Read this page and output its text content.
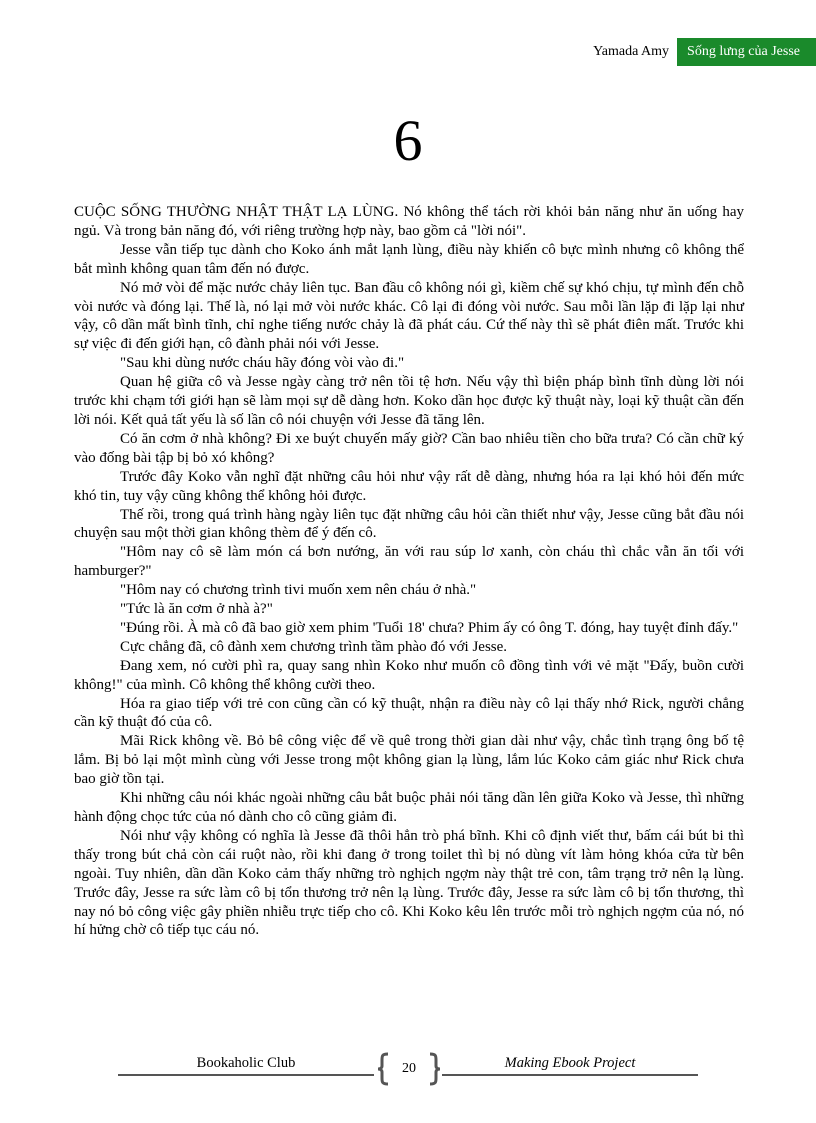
Yamada Amy	Sống lưng của Jesse
6

CUỘC SỐNG THƯỜNG NHẬT THẬT LẠ LÙNG. Nó không thể tách rời khỏi bản năng như ăn uống hay ngủ. Và trong bản năng đó, với riêng trường hợp này, bao gồm cả "lời nói".

Jesse vẫn tiếp tục dành cho Koko ánh mắt lạnh lùng, điều này khiến cô bực mình nhưng cô không thể bắt mình không quan tâm đến nó được.

Nó mở vòi để mặc nước chảy liên tục. Ban đầu cô không nói gì, kiềm chế sự khó chịu, tự mình đến chỗ vòi nước và đóng lại. Thế là, nó lại mở vòi nước khác. Cô lại đi đóng vòi nước. Sau mỗi lần lặp đi lặp lại như vậy, cô dần mất bình tĩnh, chỉ nghe tiếng nước chảy là đã phát cáu. Cứ thế này thì sẽ phát điên mất. Trước khi sự việc đi đến giới hạn, cô đành phải nói với Jesse.

"Sau khi dùng nước cháu hãy đóng vòi vào đi."

Quan hệ giữa cô và Jesse ngày càng trở nên tồi tệ hơn. Nếu vậy thì biện pháp bình tĩnh dùng lời nói trước khi chạm tới giới hạn sẽ làm mọi sự dễ dàng hơn. Koko dần học được kỹ thuật này, loại kỹ thuật cần đến lời nói. Kết quả tất yếu là số lần cô nói chuyện với Jesse đã tăng lên.

Có ăn cơm ở nhà không? Đi xe buýt chuyến mấy giờ? Cần bao nhiêu tiền cho bữa trưa? Có cần chữ ký vào đống bài tập bị bỏ xó không?

Trước đây Koko vẫn nghĩ đặt những câu hỏi như vậy rất dễ dàng, nhưng hóa ra lại khó hỏi đến mức khó tin, tuy vậy cũng không thể không hỏi được.

Thế rồi, trong quá trình hàng ngày liên tục đặt những câu hỏi cần thiết như vậy, Jesse cũng bắt đầu nói chuyện sau một thời gian không thèm để ý đến cô.

"Hôm nay cô sẽ làm món cá bơn nướng, ăn với rau súp lơ xanh, còn cháu thì chắc vẫn ăn tối với hamburger?"

"Hôm nay có chương trình tivi muốn xem nên cháu ở nhà."

"Tức là ăn cơm ở nhà à?"

"Đúng rồi. À mà cô đã bao giờ xem phim 'Tuổi 18' chưa? Phim ấy có ông T. đóng, hay tuyệt đỉnh đấy."

Cực chẳng đã, cô đành xem chương trình tầm phào đó với Jesse.

Đang xem, nó cười phì ra, quay sang nhìn Koko như muốn cô đồng tình với vẻ mặt "Đấy, buồn cười không!" của mình. Cô không thể không cười theo.

Hóa ra giao tiếp với trẻ con cũng cần có kỹ thuật, nhận ra điều này cô lại thấy nhớ Rick, người chẳng cần kỹ thuật đó của cô.

Mãi Rick không về. Bỏ bê công việc để về quê trong thời gian dài như vậy, chắc tình trạng ông bố tệ lắm. Bị bỏ lại một mình cùng với Jesse trong một không gian lạ lùng, lắm lúc Koko cảm giác như Rick chưa bao giờ tồn tại.

Khi những câu nói khác ngoài những câu bắt buộc phải nói tăng dần lên giữa Koko và Jesse, thì những hành động chọc tức của nó dành cho cô cũng giảm đi.

Nói như vậy không có nghĩa là Jesse đã thôi hẳn trò phá bĩnh. Khi cô định viết thư, bấm cái bút bi thì thấy trong bút chả còn cái ruột nào, rồi khi đang ở trong toilet thì bị nó dùng vít làm hỏng khóa cửa từ bên ngoài. Tuy nhiên, dần dần Koko cảm thấy những trò nghịch ngợm này thật trẻ con, tâm trạng trở nên lạ lùng. Trước đây, Jesse ra sức làm cô bị tổn thương trở nên lạ lùng. Trước đây, Jesse ra sức làm cô bị tổn thương, thì nay nó bỏ công việc gây phiền nhiễu trực tiếp cho cô. Khi Koko kêu lên trước mỗi trò nghịch ngợm của nó, nó hí hửng chờ cô tiếp tục cáu nó.

Bookaholic Club	20	Making Ebook Project
